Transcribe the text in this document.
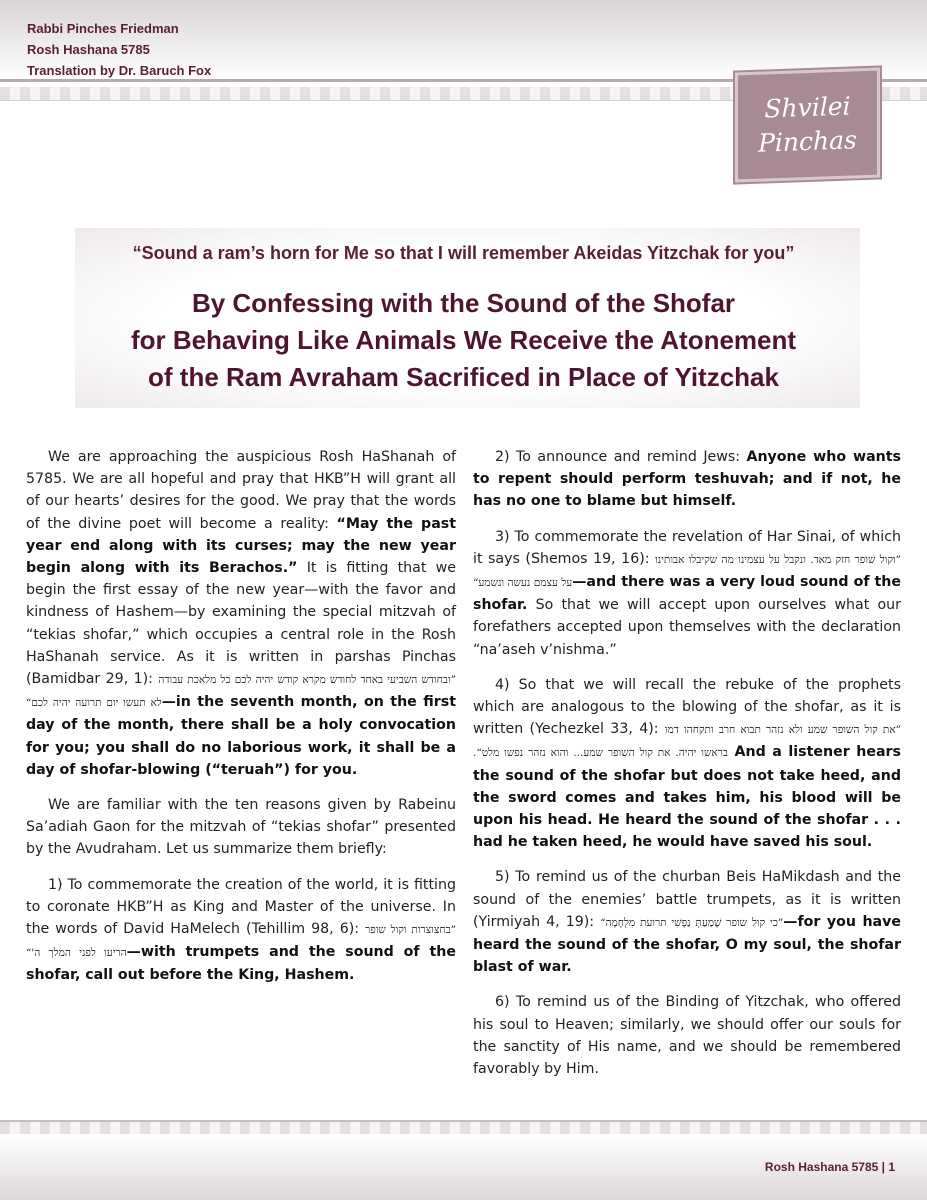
Rabbi Pinches Friedman
Rosh Hashana 5785
Translation by Dr. Baruch Fox
Shvilei Pinchas
“Sound a ram’s horn for Me so that I will remember Akeidas Yitzchak for you”
By Confessing with the Sound of the Shofar
for Behaving Like Animals We Receive the Atonement
of the Ram Avraham Sacrificed in Place of Yitzchak

We are approaching the auspicious Rosh HaShanah of 5785. We are all hopeful and pray that HKB”H will grant all of our hearts’ desires for the good. We pray that the words of the divine poet will become a reality: “May the past year end along with its curses; may the new year begin along with its Berachos.” It is fitting that we begin the first essay of the new year—with the favor and kindness of Hashem—by examining the special mitzvah of “tekias shofar,” which occupies a central role in the Rosh HaShanah service. As it is written in parshas Pinchas (Bamidbar 29, 1): ”ובחודש השביעי באחד לחודש מקרא קודש יהיה לכם כל מלאכת עבודה לא תעשו יום תרועה יהיה לכם“—in the seventh month, on the first day of the month, there shall be a holy convocation for you; you shall do no laborious work, it shall be a day of shofar-blowing (“teruah”) for you.

We are familiar with the ten reasons given by Rabeinu Sa’adiah Gaon for the mitzvah of “tekias shofar” presented by the Avudraham. Let us summarize them briefly:

1) To commemorate the creation of the world, it is fitting to coronate HKB”H as King and Master of the universe. In the words of David HaMelech (Tehillim 98, 6): ”בחצוצרות וקול שופר הריעו לפני המלך ה'“—with trumpets and the sound of the shofar, call out before the King, Hashem.

2) To announce and remind Jews: Anyone who wants to repent should perform teshuvah; and if not, he has no one to blame but himself.

3) To commemorate the revelation of Har Sinai, of which it says (Shemos 19, 16): ”וקול שופר חזק מאד. ונקבל על עצמינו מה שקיבלו אבותינו על עצמם נעשה ונשמע“—and there was a very loud sound of the shofar. So that we will accept upon ourselves what our forefathers accepted upon themselves with the declaration “na’aseh v’nishma.”

4) So that we will recall the rebuke of the prophets which are analogous to the blowing of the shofar, as it is written (Yechezkel 33, 4): ”את קול השופר שמע ולא נזהר תבוא חרב ותקחהו דמו בראשו יהיה. את קול השופר שמע... והוא נזהר נפשו מלט“. And a listener hears the sound of the shofar but does not take heed, and the sword comes and takes him, his blood will be upon his head. He heard the sound of the shofar . . . had he taken heed, he would have saved his soul.

5) To remind us of the churban Beis HaMikdash and the sound of the enemies’ battle trumpets, as it is written (Yirmiyah 4, 19): ”כי קול שופר שָׁמַעַתְּ נַפְשִׁי תרועת מִלְחָמָה“—for you have heard the sound of the shofar, O my soul, the shofar blast of war.

6) To remind us of the Binding of Yitzchak, who offered his soul to Heaven; similarly, we should offer our souls for the sanctity of His name, and we should be remembered favorably by Him.

Rosh Hashana 5785 | 1
